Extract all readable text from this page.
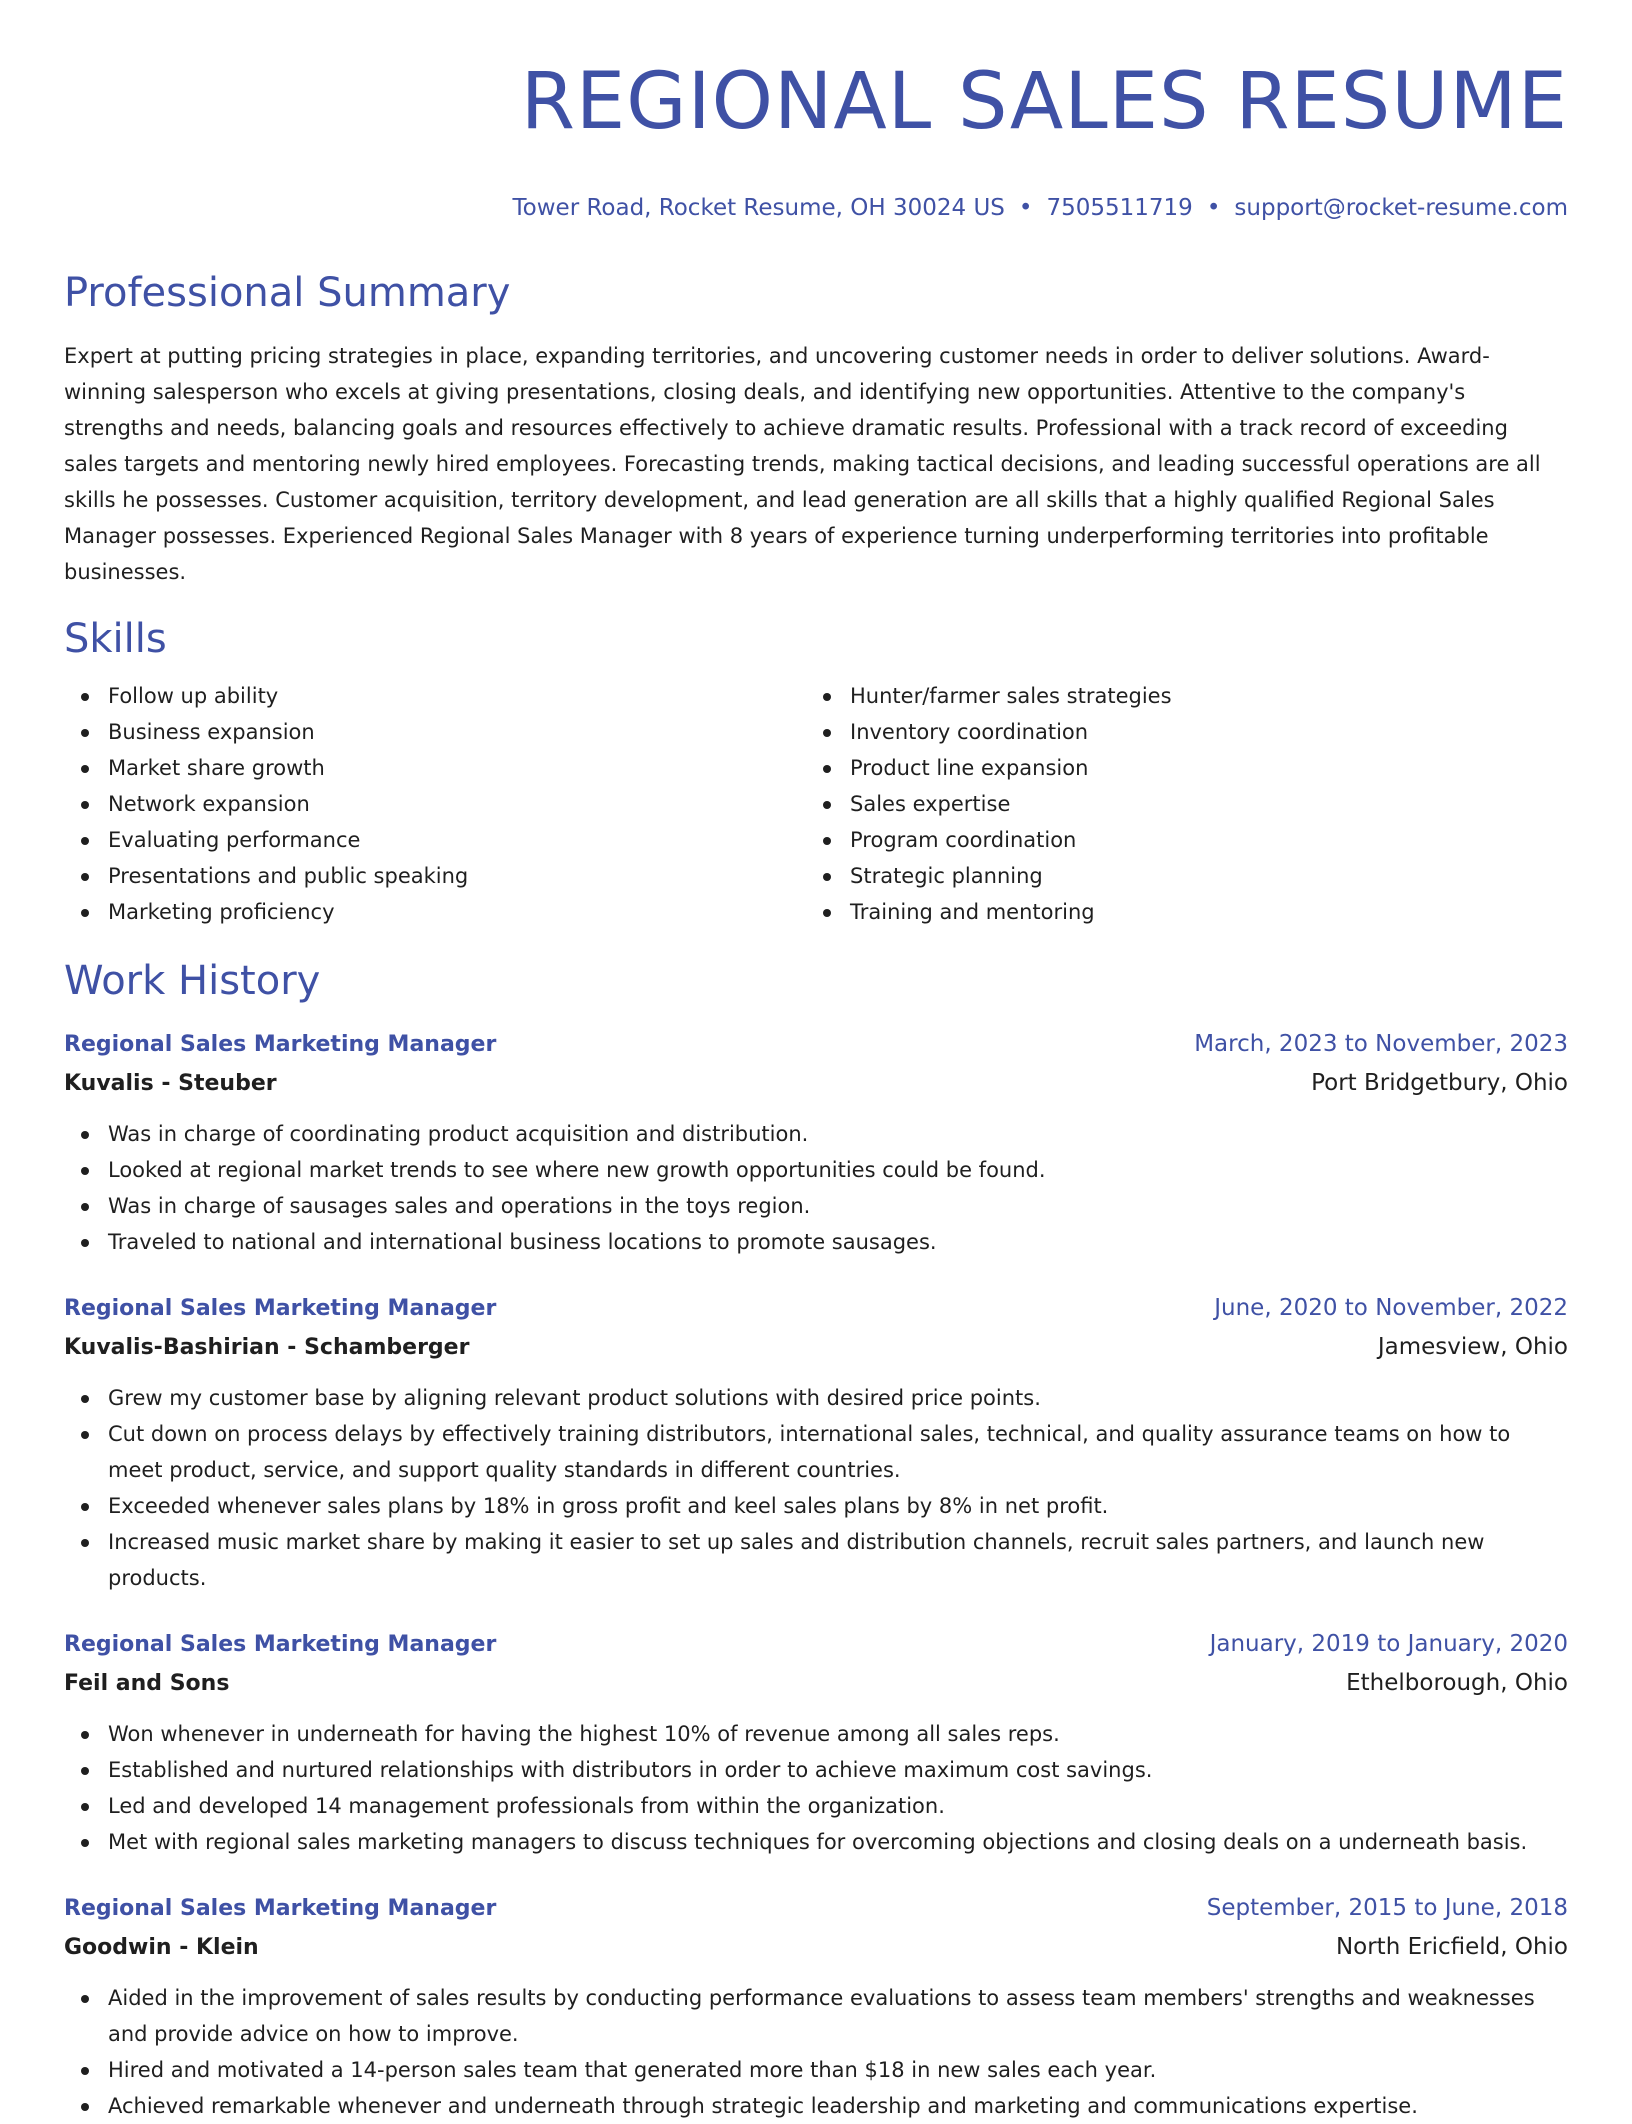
REGIONAL SALES RESUME
Tower Road, Rocket Resume, OH 30024 US • 7505511719 • support@rocket-resume.com
Professional Summary

Expert at putting pricing strategies in place, expanding territories, and uncovering customer needs in order to deliver solutions. Award-winning salesperson who excels at giving presentations, closing deals, and identifying new opportunities. Attentive to the company's strengths and needs, balancing goals and resources effectively to achieve dramatic results. Professional with a track record of exceeding sales targets and mentoring newly hired employees. Forecasting trends, making tactical decisions, and leading successful operations are all skills he possesses. Customer acquisition, territory development, and lead generation are all skills that a highly qualified Regional Sales Manager possesses. Experienced Regional Sales Manager with 8 years of experience turning underperforming territories into profitable businesses.

Skills
Follow up ability
Business expansion
Market share growth
Network expansion
Evaluating performance
Presentations and public speaking
Marketing proficiency
Hunter/farmer sales strategies
Inventory coordination
Product line expansion
Sales expertise
Program coordination
Strategic planning
Training and mentoring
Work History
Regional Sales Marketing Manager	March, 2023 to November, 2023
Kuvalis - Steuber	Port Bridgetbury, Ohio
Was in charge of coordinating product acquisition and distribution.
Looked at regional market trends to see where new growth opportunities could be found.
Was in charge of sausages sales and operations in the toys region.
Traveled to national and international business locations to promote sausages.
Regional Sales Marketing Manager	June, 2020 to November, 2022
Kuvalis-Bashirian - Schamberger	Jamesview, Ohio
Grew my customer base by aligning relevant product solutions with desired price points.
Cut down on process delays by effectively training distributors, international sales, technical, and quality assurance teams on how to meet product, service, and support quality standards in different countries.
Exceeded whenever sales plans by 18% in gross profit and keel sales plans by 8% in net profit.
Increased music market share by making it easier to set up sales and distribution channels, recruit sales partners, and launch new products.
Regional Sales Marketing Manager	January, 2019 to January, 2020
Feil and Sons	Ethelborough, Ohio
Won whenever in underneath for having the highest 10% of revenue among all sales reps.
Established and nurtured relationships with distributors in order to achieve maximum cost savings.
Led and developed 14 management professionals from within the organization.
Met with regional sales marketing managers to discuss techniques for overcoming objections and closing deals on a underneath basis.
Regional Sales Marketing Manager	September, 2015 to June, 2018
Goodwin - Klein	North Ericfield, Ohio
Aided in the improvement of sales results by conducting performance evaluations to assess team members' strengths and weaknesses and provide advice on how to improve.
Hired and motivated a 14-person sales team that generated more than $18 in new sales each year.
Achieved remarkable whenever and underneath through strategic leadership and marketing and communications expertise.
